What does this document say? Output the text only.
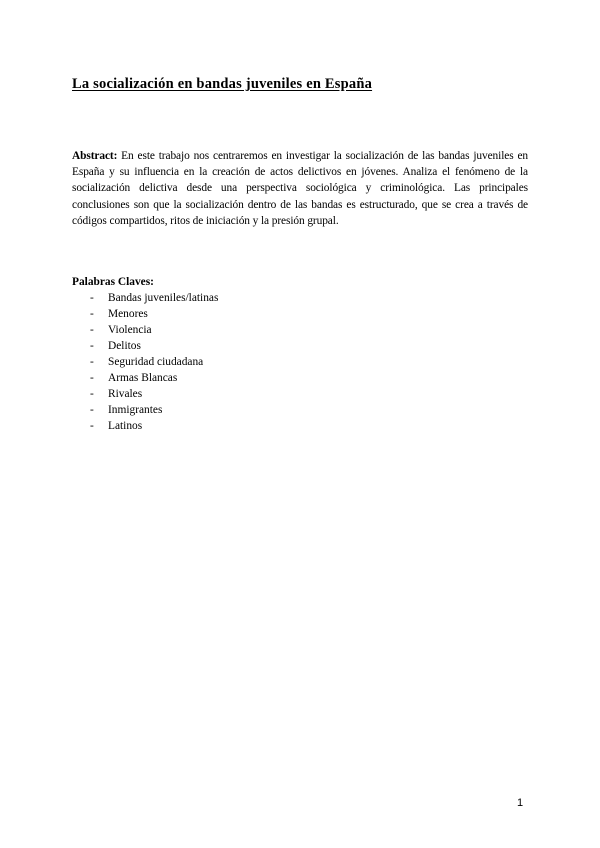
La socialización en bandas juveniles en España

Abstract: En este trabajo nos centraremos en investigar la socialización de las bandas juveniles en España y su influencia en la creación de actos delictivos en jóvenes. Analiza el fenómeno de la socialización delictiva desde una perspectiva sociológica y criminológica. Las principales conclusiones son que la socialización dentro de las bandas es estructurado, que se crea a través de códigos compartidos, ritos de iniciación y la presión grupal.

Palabras Claves:
- Bandas juveniles/latinas
- Menores
- Violencia
- Delitos
- Seguridad ciudadana
- Armas Blancas
- Rivales
- Inmigrantes
- Latinos
1
